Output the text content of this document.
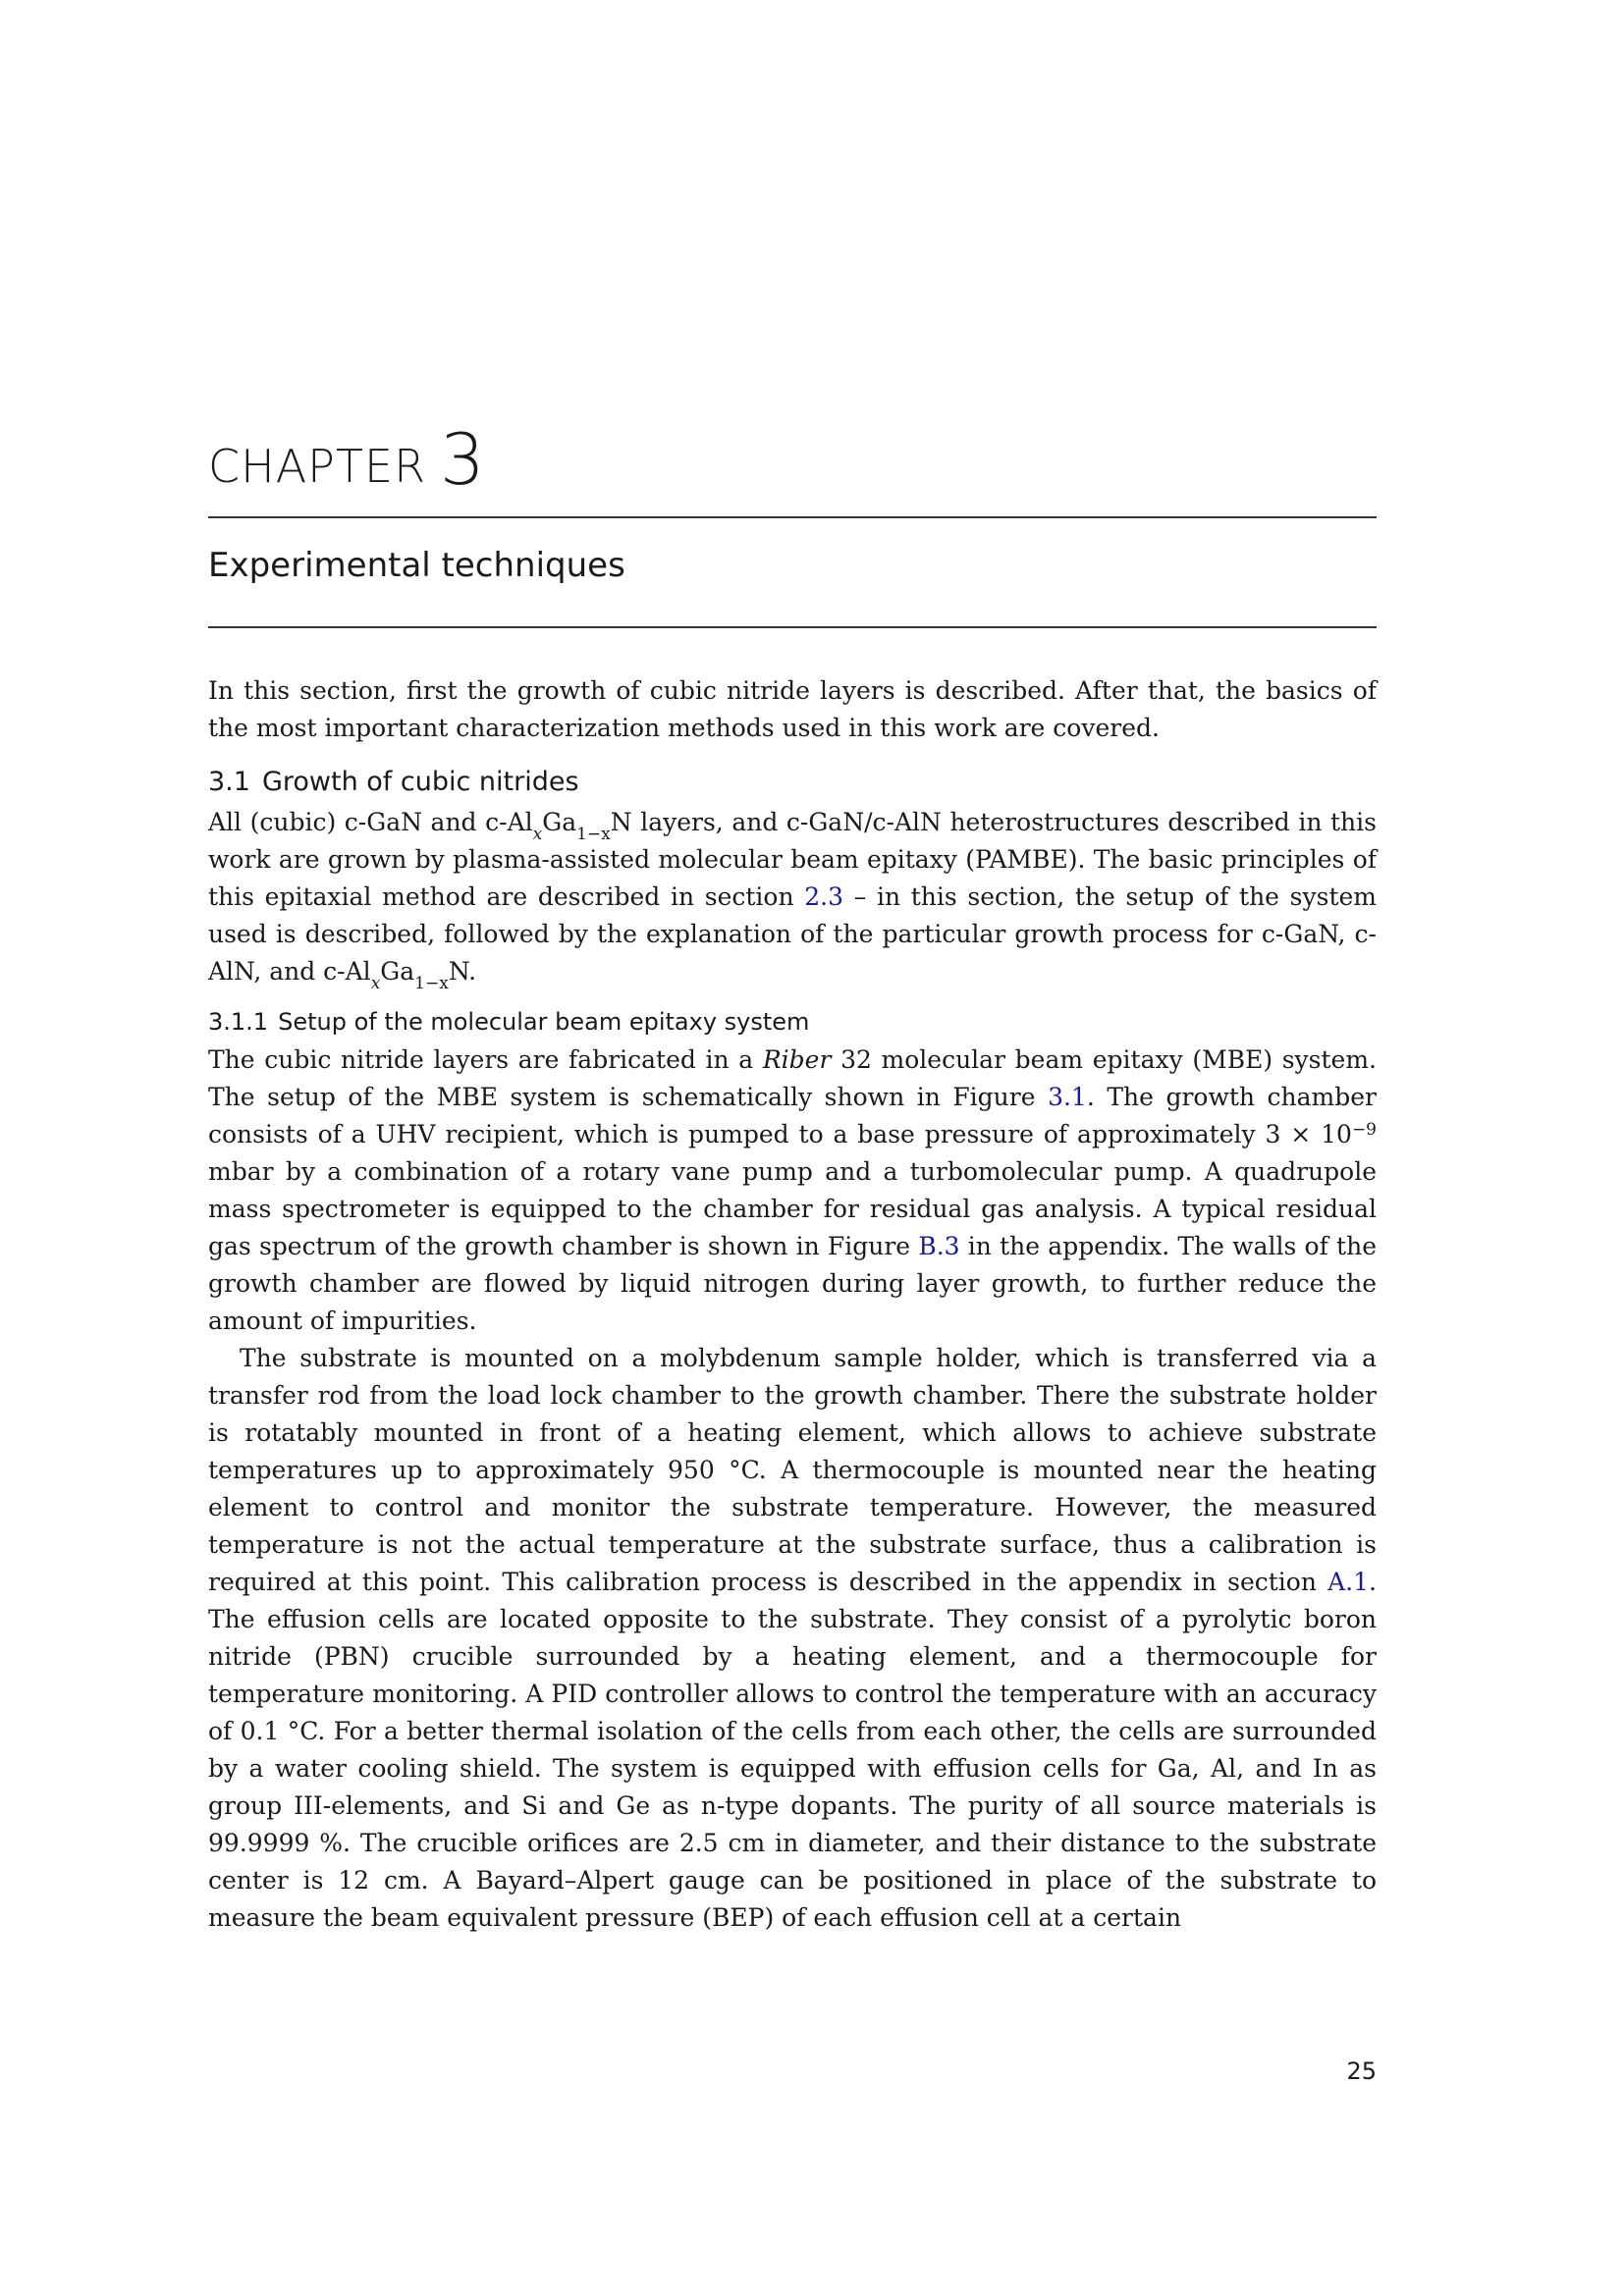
CHAPTER 3
Experimental techniques

In this section, first the growth of cubic nitride layers is described. After that, the basics of the most important characterization methods used in this work are covered.

3.1 Growth of cubic nitrides

All (cubic) c-GaN and $c-Al_xGa_{1-x}N$ layers, and c-GaN/c-AlN heterostructures described in this work are grown by plasma-assisted molecular beam epitaxy (PAMBE). The basic principles of this epitaxial method are described in section 2.3 – in this section, the setup of the system used is described, followed by the explanation of the particular growth process for c-GaN, c-AlN, and $c-Al_xGa_{1-x}N$.

3.1.1 Setup of the molecular beam epitaxy system

The cubic nitride layers are fabricated in a Riber 32 molecular beam epitaxy (MBE) system. The setup of the MBE system is schematically shown in Figure 3.1. The growth chamber consists of a UHV recipient, which is pumped to a base pressure of approximately $3 \times 10^{-9}$ mbar by a combination of a rotary vane pump and a turbomolecular pump. A quadrupole mass spectrometer is equipped to the chamber for residual gas analysis. A typical residual gas spectrum of the growth chamber is shown in Figure B.3 in the appendix. The walls of the growth chamber are flowed by liquid nitrogen during layer growth, to further reduce the amount of impurities.

The substrate is mounted on a molybdenum sample holder, which is transferred via a transfer rod from the load lock chamber to the growth chamber. There the substrate holder is rotatably mounted in front of a heating element, which allows to achieve substrate temperatures up to approximately 950 °C. A thermocouple is mounted near the heating element to control and monitor the substrate temperature. However, the measured temperature is not the actual temperature at the substrate surface, thus a calibration is required at this point. This calibration process is described in the appendix in section A.1. The effusion cells are located opposite to the substrate. They consist of a pyrolytic boron nitride (PBN) crucible surrounded by a heating element, and a thermocouple for temperature monitoring. A PID controller allows to control the temperature with an accuracy of 0.1 °C. For a better thermal isolation of the cells from each other, the cells are surrounded by a water cooling shield. The system is equipped with effusion cells for Ga, Al, and In as group III-elements, and Si and Ge as n-type dopants. The purity of all source materials is 99.9999 %. The crucible orifices are 2.5 cm in diameter, and their distance to the substrate center is 12 cm. A Bayard–Alpert gauge can be positioned in place of the substrate to measure the beam equivalent pressure (BEP) of each effusion cell at a certain

25
